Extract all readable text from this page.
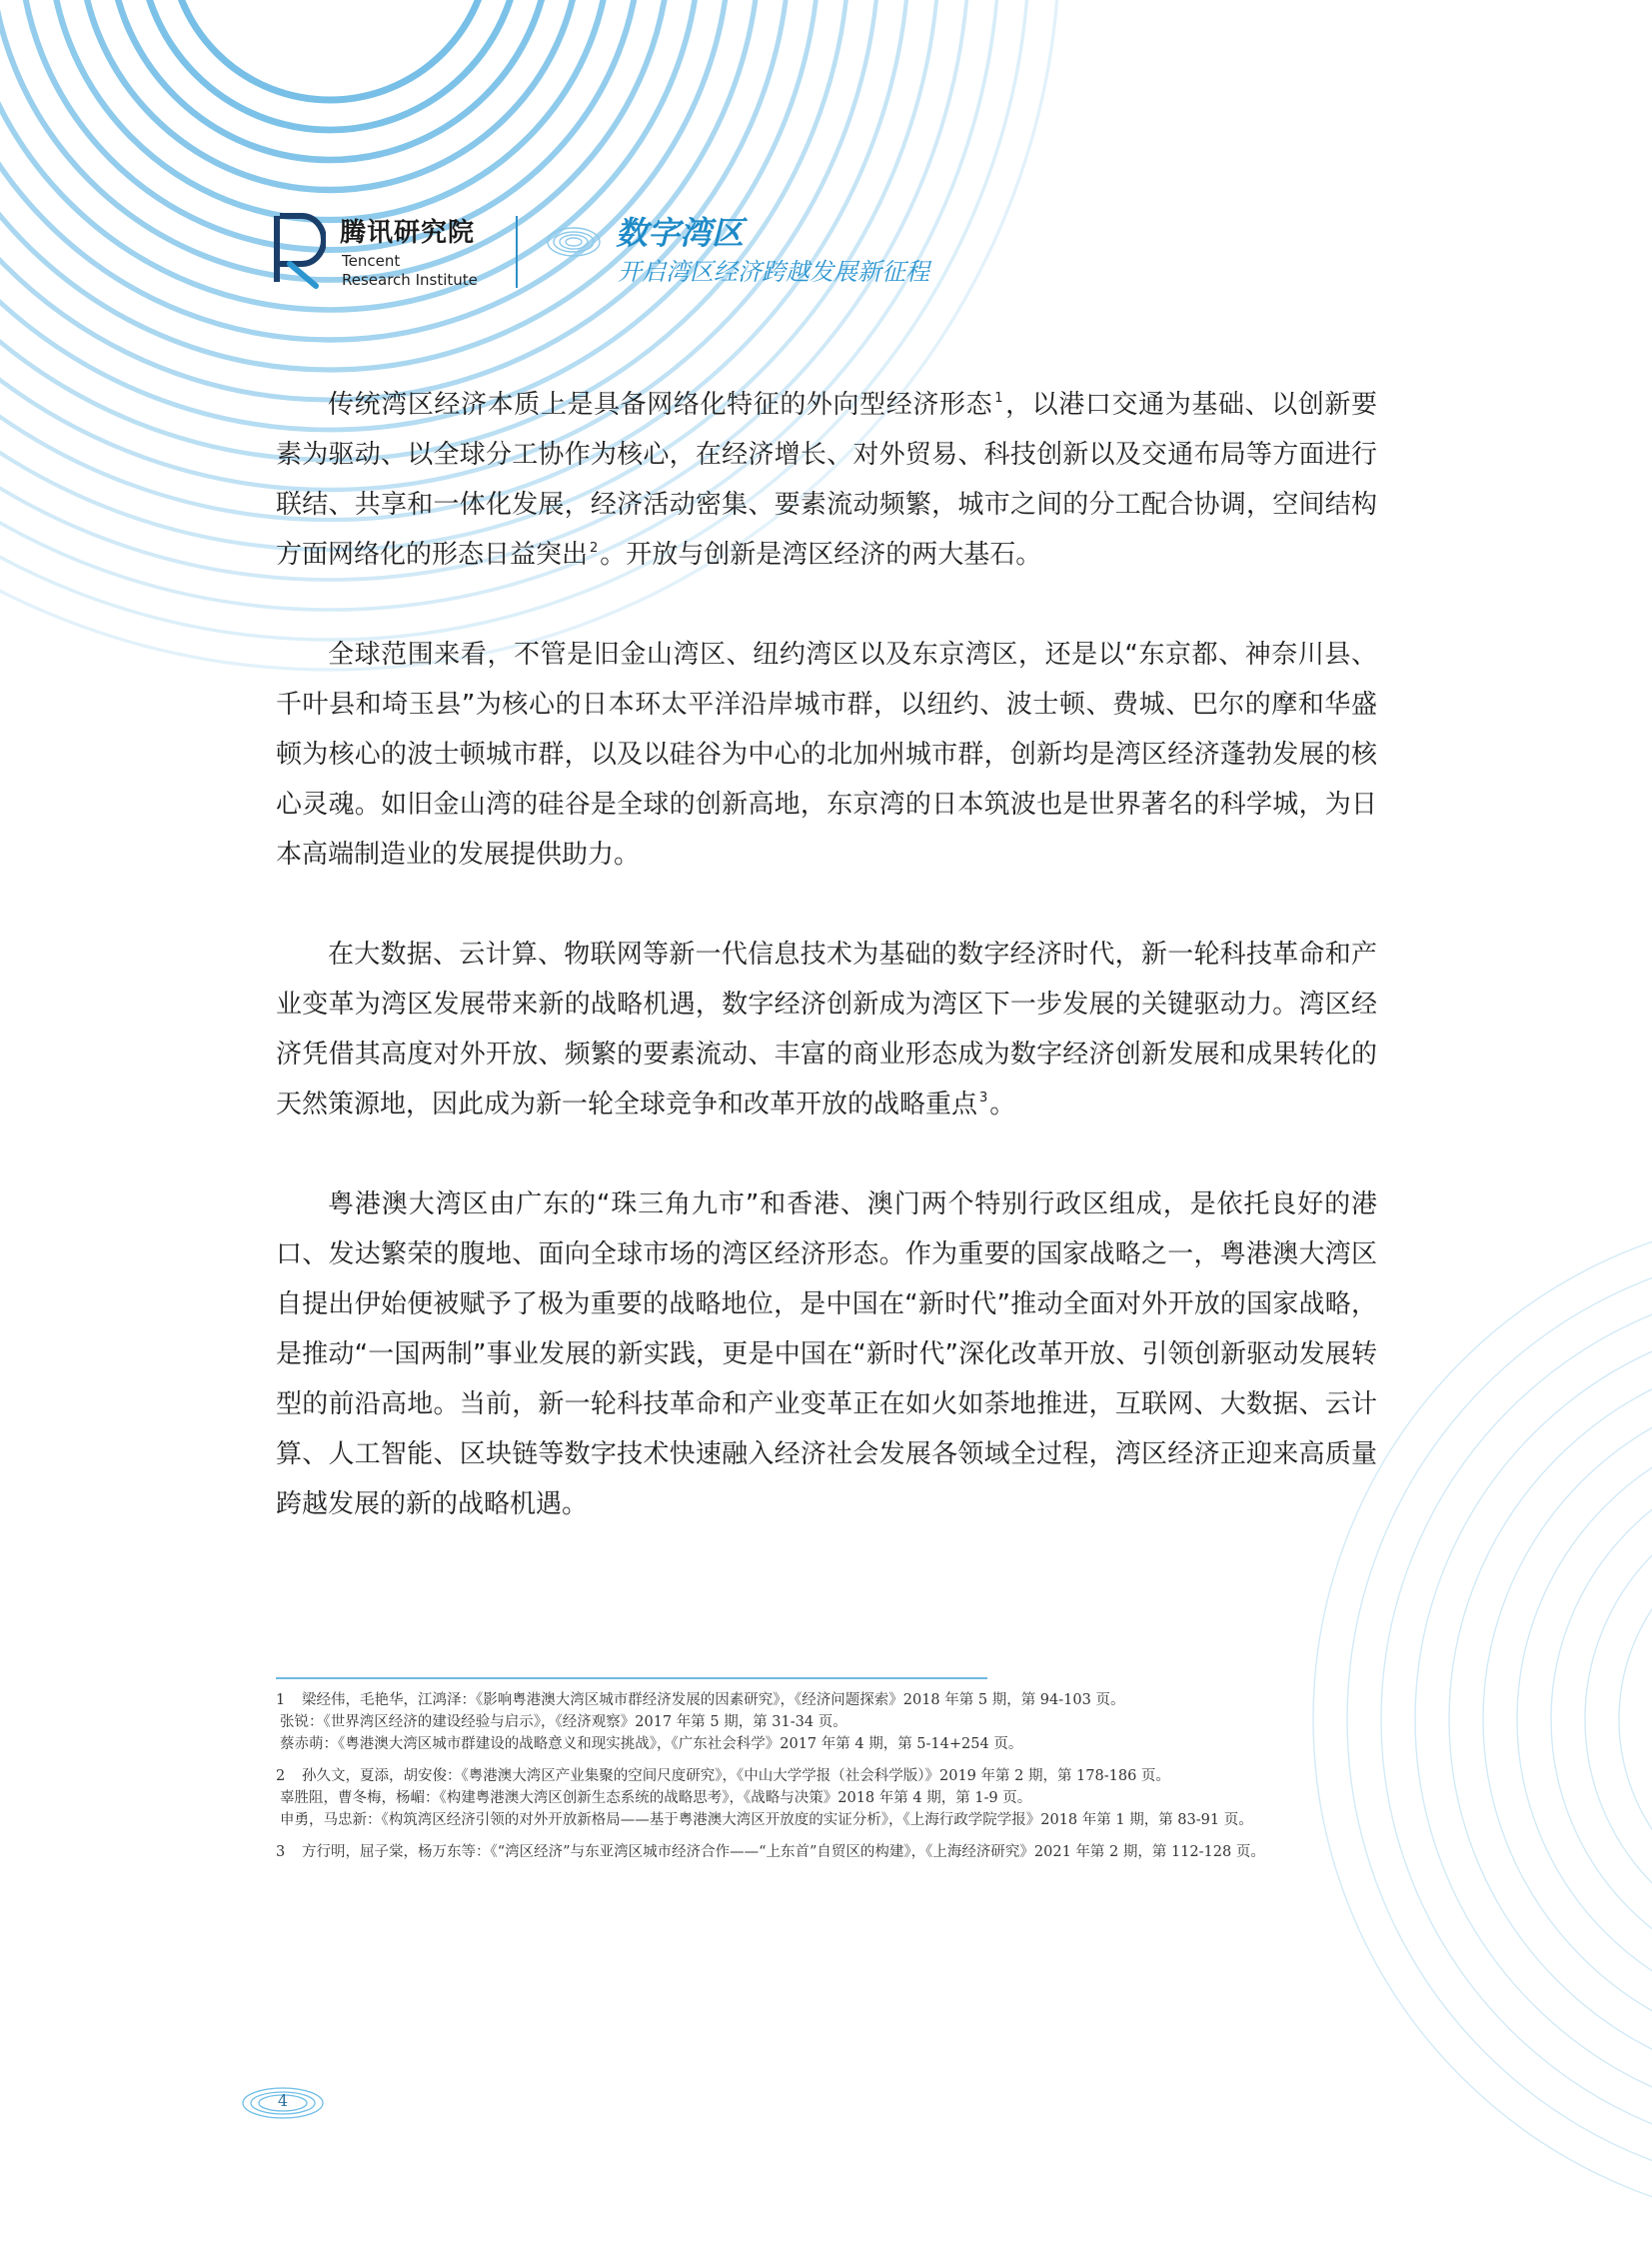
腾讯研究院
Tencent
Research Institute
数字湾区
开启湾区经济跨越发展新征程

传统湾区经济本质上是具备网络化特征的外向型经济形态 $^1$，以港口交通为基础、以创新要素为驱动、以全球分工协作为核心，在经济增长、对外贸易、科技创新以及交通布局等方面进行联结、共享和一体化发展，经济活动密集、要素流动频繁，城市之间的分工配合协调，空间结构方面网络化的形态日益突出 $^2$。开放与创新是湾区经济的两大基石。

全球范围来看，不管是旧金山湾区、纽约湾区以及东京湾区，还是以“东京都、神奈川县、千叶县和埼玉县”为核心的日本环太平洋沿岸城市群，以纽约、波士顿、费城、巴尔的摩和华盛顿为核心的波士顿城市群，以及以硅谷为中心的北加州城市群，创新均是湾区经济蓬勃发展的核心灵魂。如旧金山湾的硅谷是全球的创新高地，东京湾的日本筑波也是世界著名的科学城，为日本高端制造业的发展提供助力。

在大数据、云计算、物联网等新一代信息技术为基础的数字经济时代，新一轮科技革命和产业变革为湾区发展带来新的战略机遇，数字经济创新成为湾区下一步发展的关键驱动力。湾区经济凭借其高度对外开放、频繁的要素流动、丰富的商业形态成为数字经济创新发展和成果转化的天然策源地，因此成为新一轮全球竞争和改革开放的战略重点 $^3$。

粤港澳大湾区由广东的“珠三角九市”和香港、澳门两个特别行政区组成，是依托良好的港口、发达繁荣的腹地、面向全球市场的湾区经济形态。作为重要的国家战略之一，粤港澳大湾区自提出伊始便被赋予了极为重要的战略地位，是中国在“新时代”推动全面对外开放的国家战略，是推动“一国两制”事业发展的新实践，更是中国在“新时代”深化改革开放、引领创新驱动发展转型的前沿高地。当前，新一轮科技革命和产业变革正在如火如荼地推进，互联网、大数据、云计算、人工智能、区块链等数字技术快速融入经济社会发展各领域全过程，湾区经济正迎来高质量跨越发展的新的战略机遇。

1 梁经伟，毛艳华，江鸿泽：《影响粤港澳大湾区城市群经济发展的因素研究》，《经济问题探索》2018 年第 5 期，第 94-103 页。
张锐：《世界湾区经济的建设经验与启示》，《经济观察》2017 年第 5 期，第 31-34 页。
蔡赤萌：《粤港澳大湾区城市群建设的战略意义和现实挑战》，《广东社会科学》2017 年第 4 期，第 5-14+254 页。
2 孙久文，夏添，胡安俊：《粤港澳大湾区产业集聚的空间尺度研究》，《中山大学学报（社会科学版）》2019 年第 2 期，第 178-186 页。
辜胜阻，曹冬梅，杨嵋：《构建粤港澳大湾区创新生态系统的战略思考》，《战略与决策》2018 年第 4 期，第 1-9 页。
申勇，马忠新：《构筑湾区经济引领的对外开放新格局——基于粤港澳大湾区开放度的实证分析》，《上海行政学院学报》2018 年第 1 期，第 83-91 页。
3 方行明，屈子棠，杨万东等：《“湾区经济”与东亚湾区城市经济合作——“上东首”自贸区的构建》，《上海经济研究》2021 年第 2 期，第 112-128 页。
4
